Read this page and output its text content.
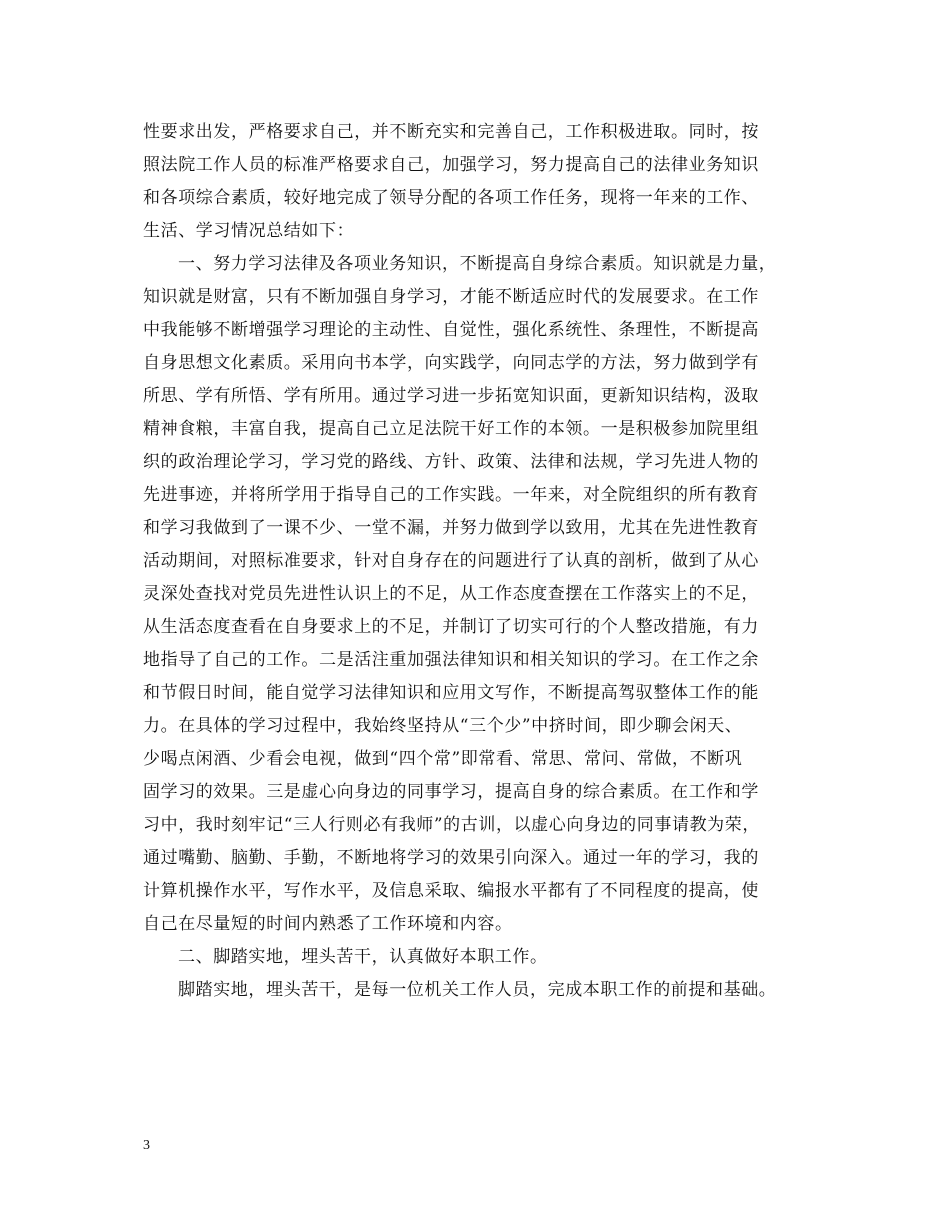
性要求出发，严格要求自己，并不断充实和完善自己，工作积极进取。同时，按
照法院工作人员的标准严格要求自己，加强学习，努力提高自己的法律业务知识
和各项综合素质，较好地完成了领导分配的各项工作任务，现将一年来的工作、
生活、学习情况总结如下：
一、努力学习法律及各项业务知识，不断提高自身综合素质。知识就是力量，
知识就是财富，只有不断加强自身学习，才能不断适应时代的发展要求。在工作
中我能够不断增强学习理论的主动性、自觉性，强化系统性、条理性，不断提高
自身思想文化素质。采用向书本学，向实践学，向同志学的方法，努力做到学有
所思、学有所悟、学有所用。通过学习进一步拓宽知识面，更新知识结构，汲取
精神食粮，丰富自我，提高自己立足法院干好工作的本领。一是积极参加院里组
织的政治理论学习，学习党的路线、方针、政策、法律和法规，学习先进人物的
先进事迹，并将所学用于指导自己的工作实践。一年来，对全院组织的所有教育
和学习我做到了一课不少、一堂不漏，并努力做到学以致用，尤其在先进性教育
活动期间，对照标准要求，针对自身存在的问题进行了认真的剖析，做到了从心
灵深处查找对党员先进性认识上的不足，从工作态度查摆在工作落实上的不足，
从生活态度查看在自身要求上的不足，并制订了切实可行的个人整改措施，有力
地指导了自己的工作。二是活注重加强法律知识和相关知识的学习。在工作之余
和节假日时间，能自觉学习法律知识和应用文写作，不断提高驾驭整体工作的能
力。在具体的学习过程中，我始终坚持从“三个少”中挤时间，即少聊会闲天、
少喝点闲酒、少看会电视，做到“四个常”即常看、常思、常问、常做，不断巩
固学习的效果。三是虚心向身边的同事学习，提高自身的综合素质。在工作和学
习中，我时刻牢记“三人行则必有我师”的古训，以虚心向身边的同事请教为荣，
通过嘴勤、脑勤、手勤，不断地将学习的效果引向深入。通过一年的学习，我的
计算机操作水平，写作水平，及信息采取、编报水平都有了不同程度的提高，使
自己在尽量短的时间内熟悉了工作环境和内容。
二、脚踏实地，埋头苦干，认真做好本职工作。
脚踏实地，埋头苦干，是每一位机关工作人员，完成本职工作的前提和基础。
3
